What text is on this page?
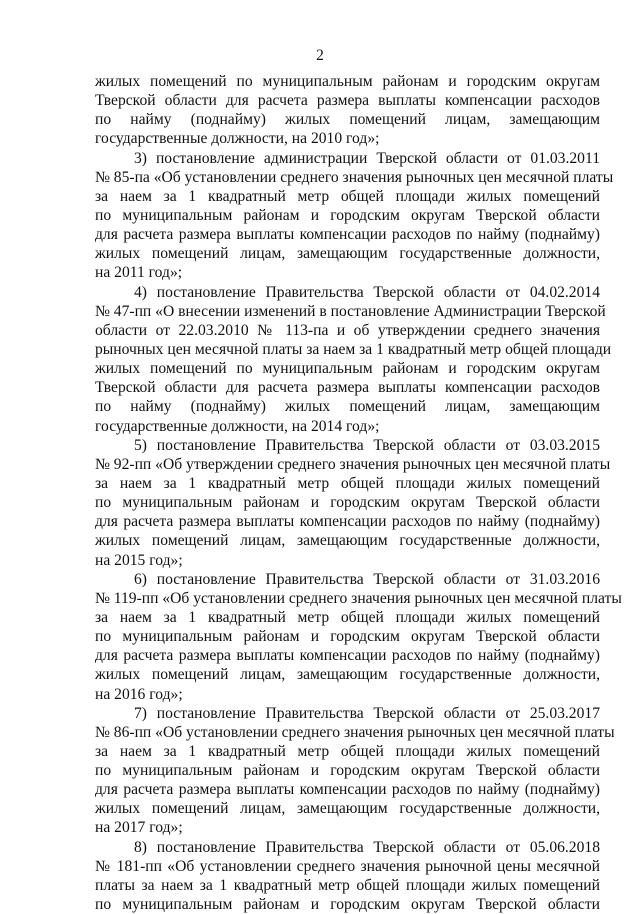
2
жилых помещений по муниципальным районам и городским округам
Тверской области для расчета размера выплаты компенсации расходов
по найму (поднайму) жилых помещений лицам, замещающим
государственные должности, на 2010 год»;
3) постановление администрации Тверской области от 01.03.2011
№ 85-па «Об установлении среднего значения рыночных цен месячной платы
за наем за 1 квадратный метр общей площади жилых помещений
по муниципальным районам и городским округам Тверской области
для расчета размера выплаты компенсации расходов по найму (поднайму)
жилых помещений лицам, замещающим государственные должности,
на 2011 год»;
4) постановление Правительства Тверской области от 04.02.2014
№ 47-пп «О внесении изменений в постановление Администрации Тверской
области от 22.03.2010 № 113-па и об утверждении среднего значения
рыночных цен месячной платы за наем за 1 квадратный метр общей площади
жилых помещений по муниципальным районам и городским округам
Тверской области для расчета размера выплаты компенсации расходов
по найму (поднайму) жилых помещений лицам, замещающим
государственные должности, на 2014 год»;
5) постановление Правительства Тверской области от 03.03.2015
№ 92-пп «Об утверждении среднего значения рыночных цен месячной платы
за наем за 1 квадратный метр общей площади жилых помещений
по муниципальным районам и городским округам Тверской области
для расчета размера выплаты компенсации расходов по найму (поднайму)
жилых помещений лицам, замещающим государственные должности,
на 2015 год»;
6) постановление Правительства Тверской области от 31.03.2016
№ 119-пп «Об установлении среднего значения рыночных цен месячной платы
за наем за 1 квадратный метр общей площади жилых помещений
по муниципальным районам и городским округам Тверской области
для расчета размера выплаты компенсации расходов по найму (поднайму)
жилых помещений лицам, замещающим государственные должности,
на 2016 год»;
7) постановление Правительства Тверской области от 25.03.2017
№ 86-пп «Об установлении среднего значения рыночных цен месячной платы
за наем за 1 квадратный метр общей площади жилых помещений
по муниципальным районам и городским округам Тверской области
для расчета размера выплаты компенсации расходов по найму (поднайму)
жилых помещений лицам, замещающим государственные должности,
на 2017 год»;
8) постановление Правительства Тверской области от 05.06.2018
№ 181-пп «Об установлении среднего значения рыночной цены месячной
платы за наем за 1 квадратный метр общей площади жилых помещений
по муниципальным районам и городским округам Тверской области
